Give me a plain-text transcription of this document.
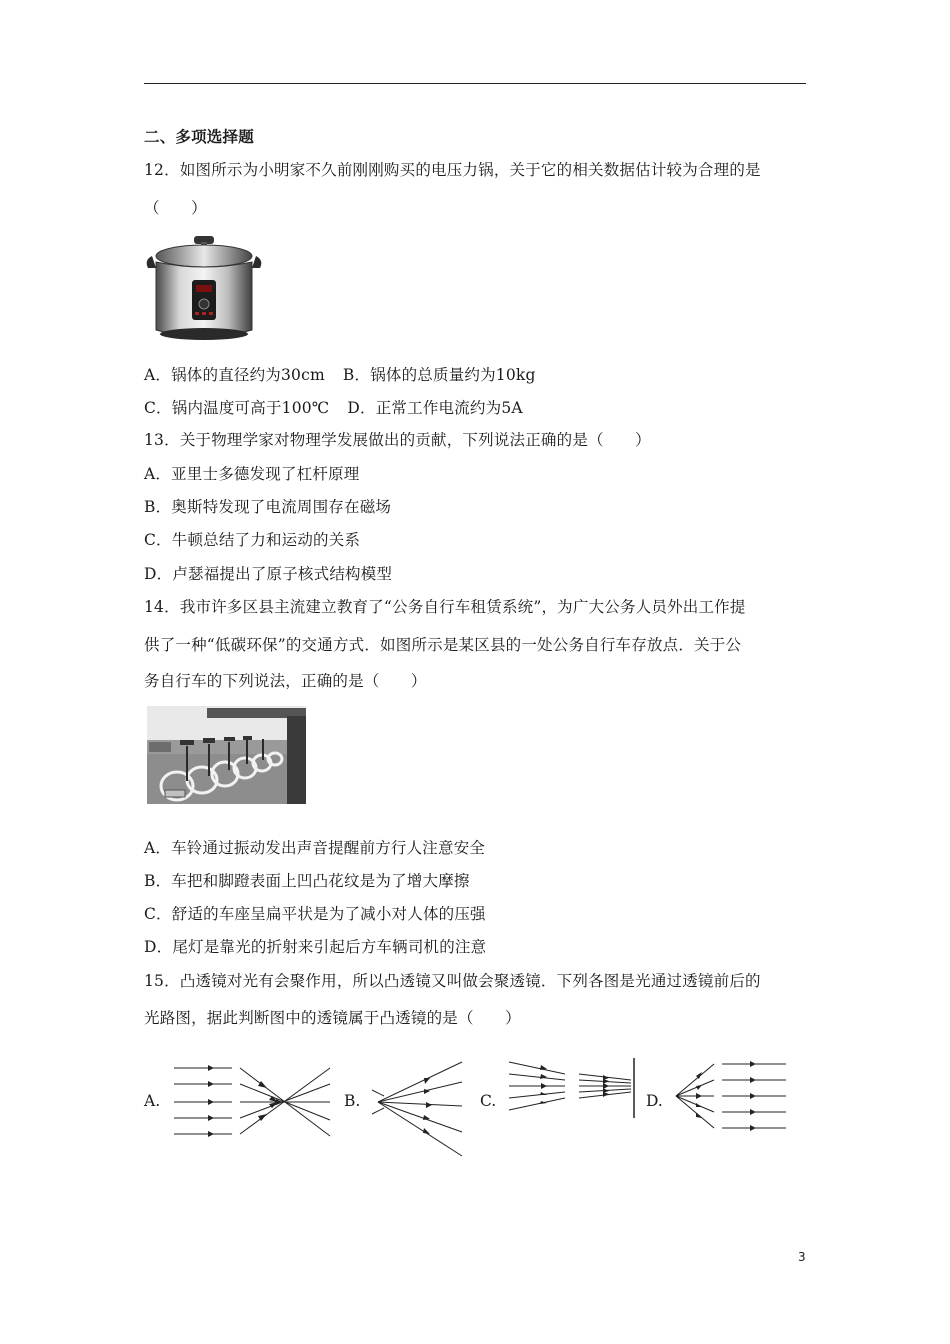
二、多项选择题
12．如图所示为小明家不久前刚刚购买的电压力锅，关于它的相关数据估计较为合理的是
（　　）
A．锅体的直径约为30cm B．锅体的总质量约为10kg
C．锅内温度可高于100℃ D．正常工作电流约为5A
13．关于物理学家对物理学发展做出的贡献，下列说法正确的是（　　）
A．亚里士多德发现了杠杆原理
B．奥斯特发现了电流周围存在磁场
C．牛顿总结了力和运动的关系
D．卢瑟福提出了原子核式结构模型
14．我市许多区县主流建立教育了“公务自行车租赁系统”，为广大公务人员外出工作提
供了一种“低碳环保”的交通方式．如图所示是某区县的一处公务自行车存放点．关于公
务自行车的下列说法，正确的是（　　）
A．车铃通过振动发出声音提醒前方行人注意安全
B．车把和脚蹬表面上凹凸花纹是为了增大摩擦
C．舒适的车座呈扁平状是为了减小对人体的压强
D．尾灯是靠光的折射来引起后方车辆司机的注意
15．凸透镜对光有会聚作用，所以凸透镜又叫做会聚透镜．下列各图是光通过透镜前后的
光路图，据此判断图中的透镜属于凸透镜的是（　　）
A.	B.	C.	D.
3
